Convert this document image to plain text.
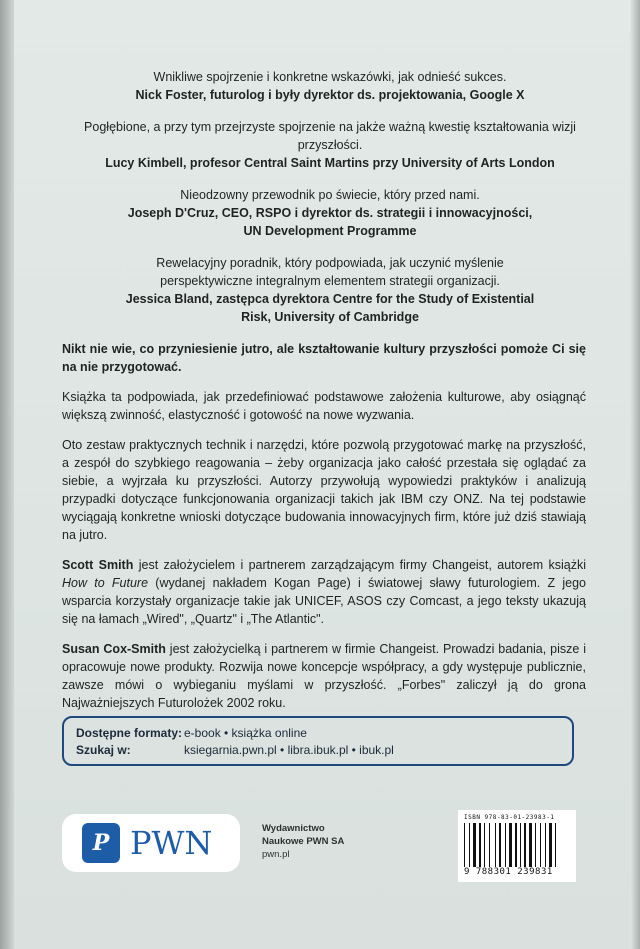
Wnikliwe spojrzenie i konkretne wskazówki, jak odnieść sukces.
Nick Foster, futurolog i były dyrektor ds. projektowania, Google X
Pogłębione, a przy tym przejrzyste spojrzenie na jakże ważną kwestię kształtowania wizji przyszłości.
Lucy Kimbell, profesor Central Saint Martins przy University of Arts London
Nieodzowny przewodnik po świecie, który przed nami.
Joseph D'Cruz, CEO, RSPO i dyrektor ds. strategii i innowacyjności, UN Development Programme
Rewelacyjny poradnik, który podpowiada, jak uczynić myślenie perspektywiczne integralnym elementem strategii organizacji.
Jessica Bland, zastępca dyrektora Centre for the Study of Existential Risk, University of Cambridge

Nikt nie wie, co przyniesienie jutro, ale kształtowanie kultury przyszłości pomoże Ci się na nie przygotować.

Książka ta podpowiada, jak przedefiniować podstawowe założenia kulturowe, aby osiągnąć większą zwinność, elastyczność i gotowość na nowe wyzwania.

Oto zestaw praktycznych technik i narzędzi, które pozwolą przygotować markę na przyszłość, a zespół do szybkiego reagowania – żeby organizacja jako całość przestała się oglądać za siebie, a wyjrzała ku przyszłości. Autorzy przywołują wypowiedzi praktyków i analizują przypadki dotyczące funkcjonowania organizacji takich jak IBM czy ONZ. Na tej podstawie wyciągają konkretne wnioski dotyczące budowania innowacyjnych firm, które już dziś stawiają na jutro.

Scott Smith jest założycielem i partnerem zarządzającym firmy Changeist, autorem książki How to Future (wydanej nakładem Kogan Page) i światowej sławy futurologiem. Z jego wsparcia korzystały organizacje takie jak UNICEF, ASOS czy Comcast, a jego teksty ukazują się na łamach „Wired", „Quartz" i „The Atlantic".

Susan Cox-Smith jest założycielką i partnerem w firmie Changeist. Prowadzi badania, pisze i opracowuje nowe produkty. Rozwija nowe koncepcje współpracy, a gdy występuje publicznie, zawsze mówi o wybieganiu myślami w przyszłość. „Forbes" zaliczył ją do grona Najważniejszych Futurolożek 2002 roku.

Dostępne formaty: e-book • książka online
Szukaj w:	ksiegarnia.pwn.pl • libra.ibuk.pl • ibuk.pl
P PWN	Wydawnictwo
Naukowe PWN SA
pwn.pl
ISBN 978-83-01-23983-1
9 788301 239831
